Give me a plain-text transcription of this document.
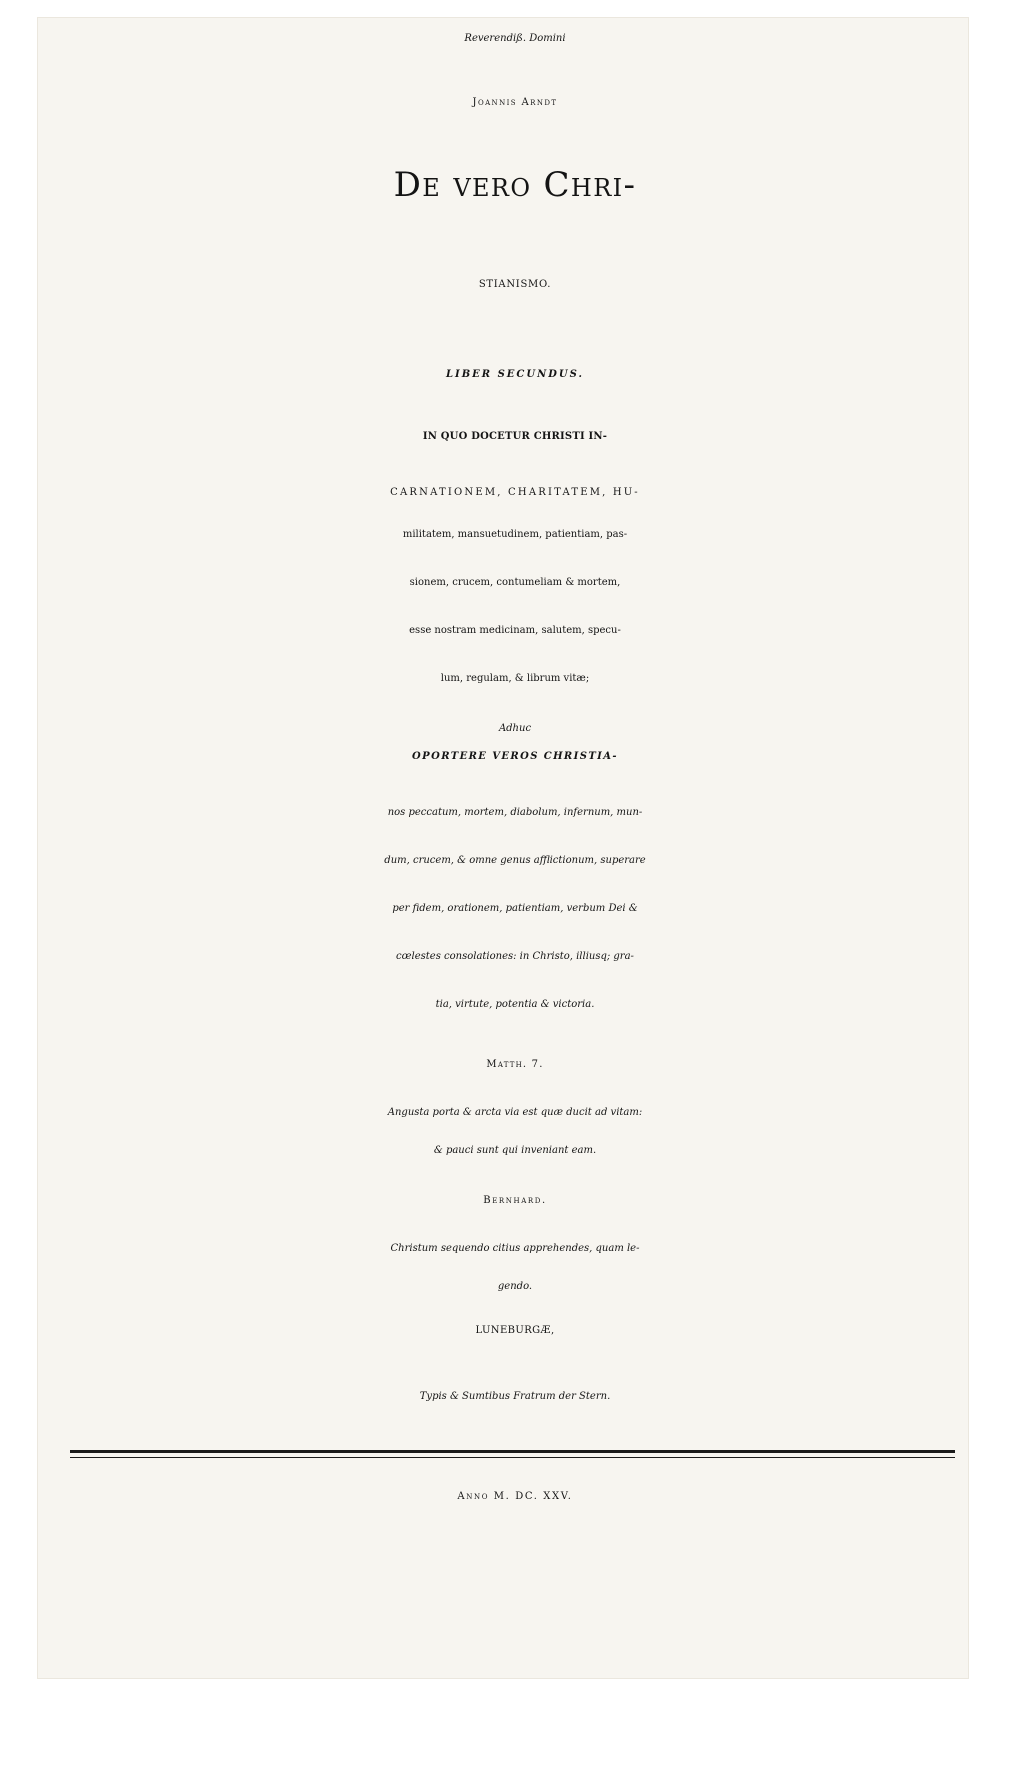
Reverendiß. Domini
Joannis Arndt
De vero Chri-
STIANISMO.
LIBER SECUNDUS.
IN QUO DOCETUR CHRISTI IN-
CARNATIONEM, CHARITATEM, HU-
militatem, mansuetudinem, patientiam, pas-
sionem, crucem, contumeliam & mortem,
esse nostram medicinam, salutem, specu-
lum, regulam, & librum vitæ;
Adhuc
OPORTERE VEROS CHRISTIA-
nos peccatum, mortem, diabolum, infernum, mun-
dum, crucem, & omne genus afflictionum, superare
per fidem, orationem, patientiam, verbum Dei &
cœlestes consolationes: in Christo, illiusq; gra-
tia, virtute, potentia & victoria.
Matth. 7.
Angusta porta & arcta via est quæ ducit ad vitam:
& pauci sunt qui inveniant eam.
Bernhard.
Christum sequendo citius apprehendes, quam le-
gendo.
LUNEBURGÆ,
Typis & Sumtibus Fratrum der Stern.
Anno M. DC. XXV.
